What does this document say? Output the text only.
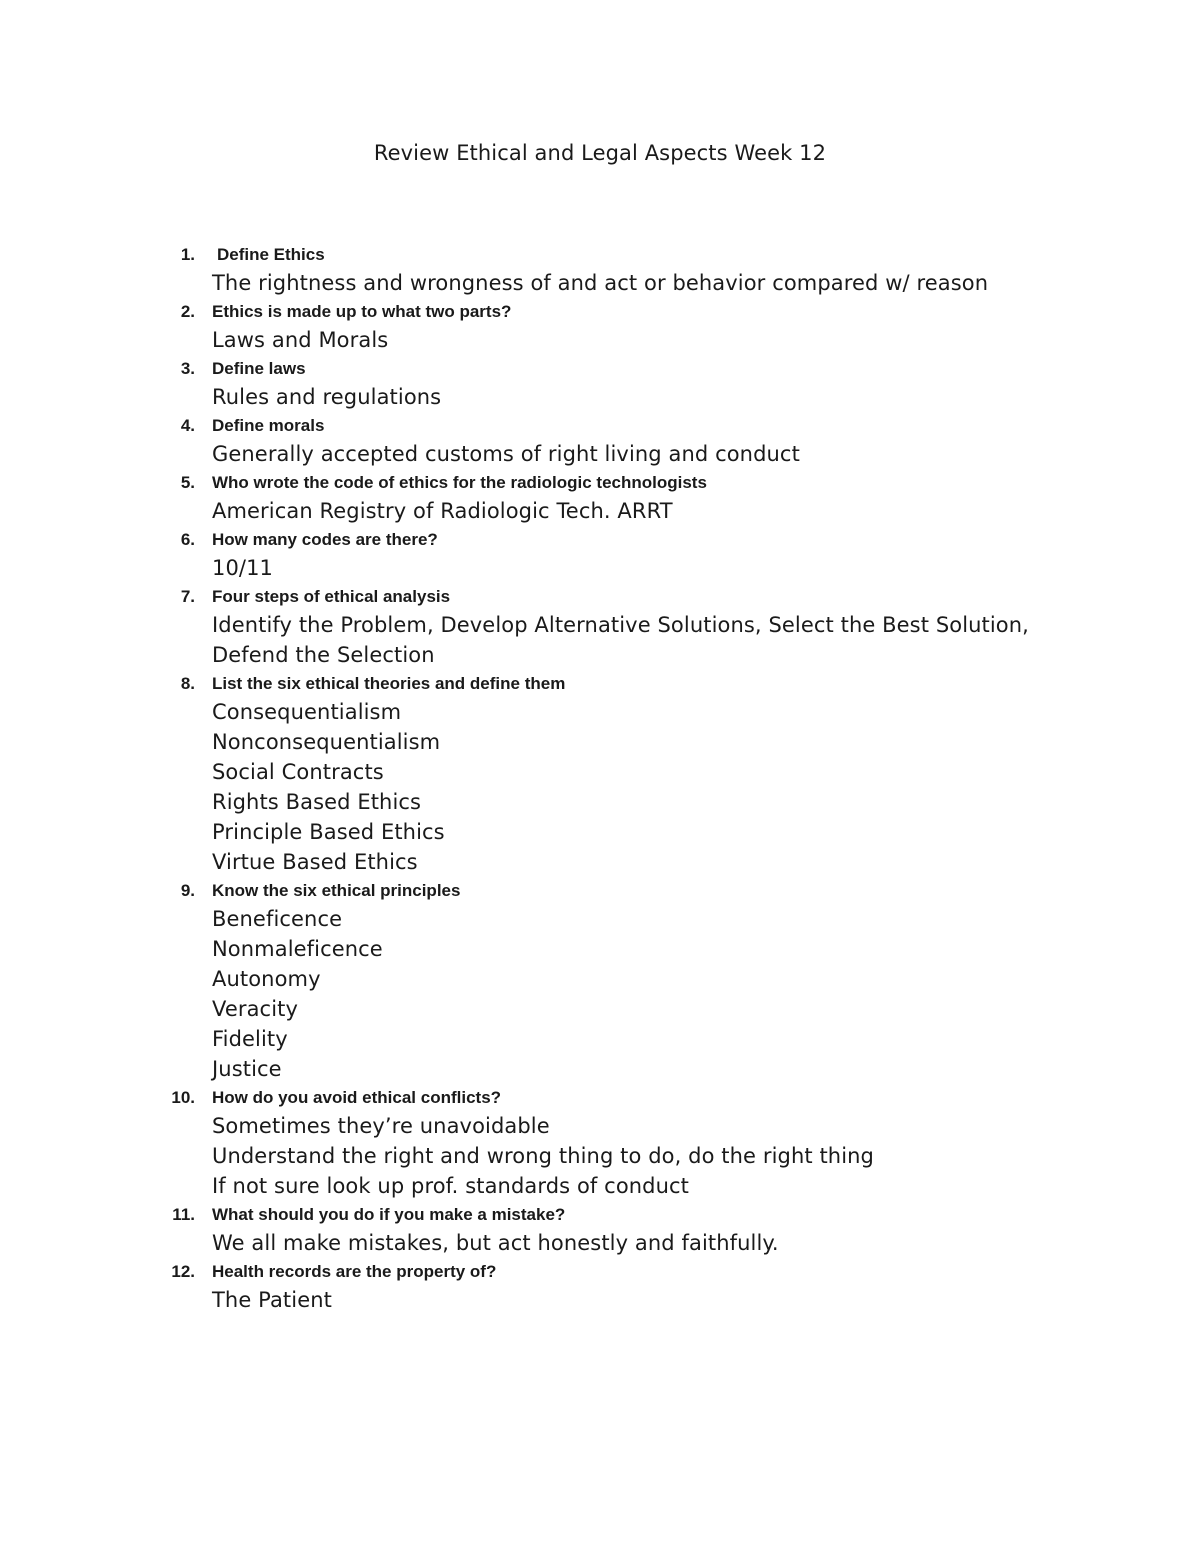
Review Ethical and Legal Aspects Week 12
1. Define Ethics
The rightness and wrongness of and act or behavior compared w/ reason
2. Ethics is made up to what two parts?
Laws and Morals
3. Define laws
Rules and regulations
4. Define morals
Generally accepted customs of right living and conduct
5. Who wrote the code of ethics for the radiologic technologists
American Registry of Radiologic Tech. ARRT
6. How many codes are there?
10/11
7. Four steps of ethical analysis
Identify the Problem, Develop Alternative Solutions, Select the Best Solution,
Defend the Selection
8. List the six ethical theories and define them
Consequentialism
Nonconsequentialism
Social Contracts
Rights Based Ethics
Principle Based Ethics
Virtue Based Ethics
9. Know the six ethical principles
Beneficence
Nonmaleficence
Autonomy
Veracity
Fidelity
Justice
10. How do you avoid ethical conflicts?
Sometimes they’re unavoidable
Understand the right and wrong thing to do, do the right thing
If not sure look up prof. standards of conduct
11. What should you do if you make a mistake?
We all make mistakes, but act honestly and faithfully.
12. Health records are the property of?
The Patient
